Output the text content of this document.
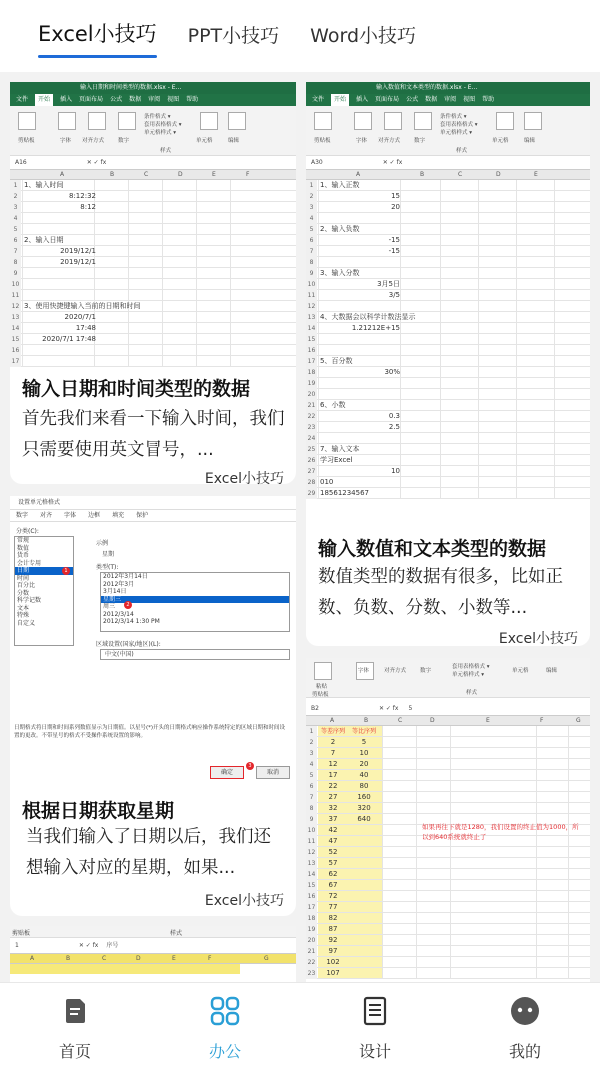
Excel小技巧 PPT小技巧 Word小技巧
输入日期和时间类型的数据.xlsx - E...
文件	开始	插入 页面布局 公式 数据 审阅 视图 帮助
剪贴板	字体 对齐方式	数字
条件格式 ▾
套用表格格式 ▾
单元格样式 ▾
样式
单元格	编辑
A16	✕ ✓ fx
A	B	C	D	E	F
1 1、输入时间
2	8:12:32
3	8:12
4
5
6 2、输入日期
7	2019/12/1
8	2019/12/1
9
10
11
12 3、使用快捷键输入当前的日期和时间
13	2020/7/1
14	17:48
15	2020/7/1 17:48
16
17
输入日期和时间类型的数据
首先我们来看一下输入时间，我们只需要使用英文冒号，...
Excel小技巧
输入数值和文本类型的数据.xlsx - E...
文件	开始	插入 页面布局 公式 数据 审阅 视图 帮助
剪贴板	字体 对齐方式	数字
条件格式 ▾
套用表格格式 ▾
单元格样式 ▾
样式
单元格	编辑
A30	✕ ✓ fx
A	B	C	D	E
1 1、输入正数
2	15
3	20
4
5 2、输入负数
6	-15
7	-15
8
9 3、输入分数
10	3月5日
11	3/5
12
13 4、大数据会以科学计数法显示
14	1.21212E+15
15
16
17 5、百分数
18	30%
19
20
21 6、小数
22	0.3
23	2.5
24
25 7、输入文本
26 学习Excel
27	10
28 010
29 18561234567
输入数值和文本类型的数据
数值类型的数据有很多，比如正数、负数、分数、小数等...
Excel小技巧
设置单元格格式
数字 对齐 字体 边框 填充 保护
分类(C):
常规
数值
货币
会计专用
日期
时间
百分比
分数
科学记数
文本
特殊
自定义
1
示例
星期
类型(T):
2012年3月14日
2012年3月
3月14日
星期三
周三
2012/3/14
2012/3/14 1:30 PM
2
区域设置(国家/地区)(L):
中文(中国)
日期格式将日期和时间系列数值显示为日期值。以星号(*)开头的日期格式响应操作系统特定的区域日期和时间设置的更改。不带星号的格式不受操作系统设置的影响。
确定
3
取消
根据日期获取星期
当我们输入了日期以后，我们还想输入对应的星期，如果...
Excel小技巧
粘贴
字体	对齐方式	数字
套用表格格式 ▾
单元格样式 ▾
单元格	编辑
剪贴板	样式
B2	✕ ✓ fx 5
A	B	C	D	E	F	G
1	等差序列	等比序列
2	2	5
3	7	10
4	12	20
5	17	40
6	22	80
7	27	160
8	32	320
9	37	640
10	42
11	47
12	52
13	57
14	62
15	67
16	72
17	77
18	82
19	87
20	92
21	97
22	102
23	107
如果再往下就是1280，我们设置的终止值为1000，所以到640系统就终止了
剪贴板	样式
1	✕ ✓ fx 序号
A	B	C	D	E	F	G
首页	办公	设计	我的
